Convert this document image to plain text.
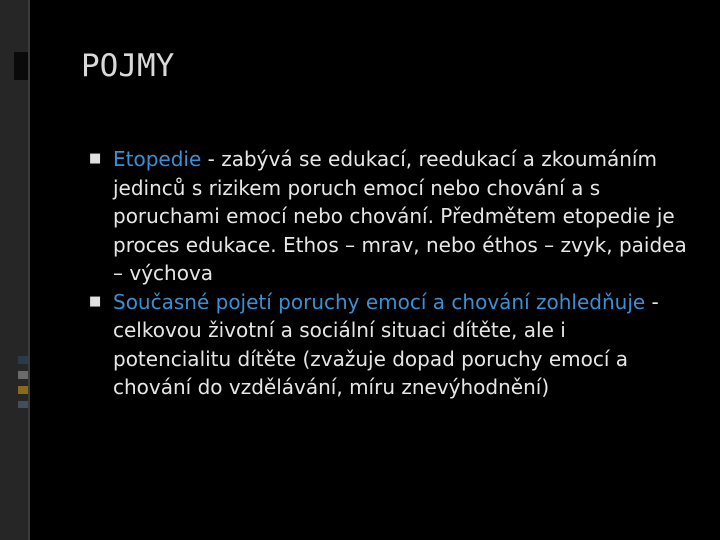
POJMY
■ Etopedie - zabývá se edukací, reedukací a zkoumáním jedinců s rizikem poruch emocí nebo chování a s poruchami emocí nebo chování. Předmětem etopedie je proces edukace. Ethos – mrav, nebo éthos – zvyk, paidea – výchova
■ Současné pojetí poruchy emocí a chování zohledňuje - celkovou životní a sociální situaci dítěte, ale i potencialitu dítěte (zvažuje dopad poruchy emocí a chování do vzdělávání, míru znevýhodnění)
